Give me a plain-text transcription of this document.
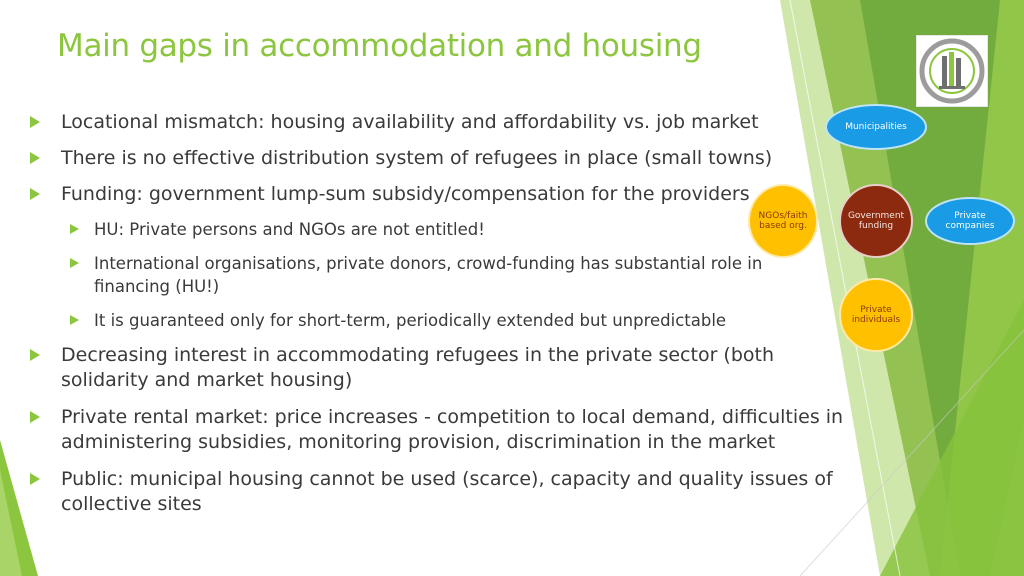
Main gaps in accommodation and housing
Locational mismatch: housing availability and affordability vs. job market
There is no effective distribution system of refugees in place (small towns)
Funding: government lump-sum subsidy/compensation for the providers
HU: Private persons and NGOs are not entitled!
International organisations, private donors, crowd-funding has substantial role in financing (HU!)
It is guaranteed only for short-term, periodically extended but unpredictable
Decreasing interest in accommodating refugees in the private sector (both solidarity and market housing)
Private rental market: price increases - competition to local demand, difficulties in administering subsidies, monitoring provision, discrimination in the market
Public: municipal housing cannot be used (scarce), capacity and quality issues of collective sites
Municipalities
NGOs/faith based org.
Government funding
Private companies
Private individuals
